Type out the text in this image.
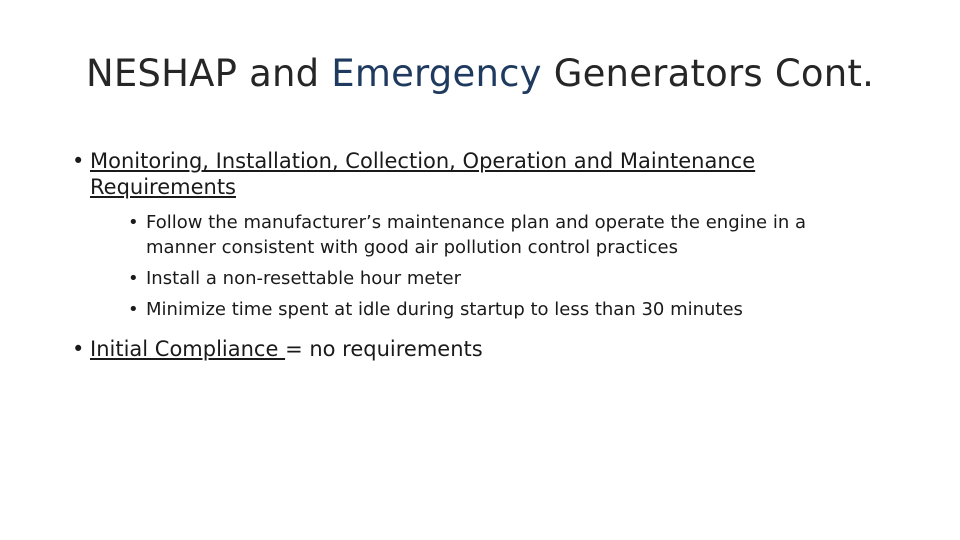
NESHAP and Emergency Generators Cont.
• Monitoring, Installation, Collection, Operation and Maintenance Requirements
• Follow the manufacturer’s maintenance plan and operate the engine in a manner consistent with good air pollution control practices
• Install a non-resettable hour meter
• Minimize time spent at idle during startup to less than 30 minutes
• Initial Compliance = no requirements
